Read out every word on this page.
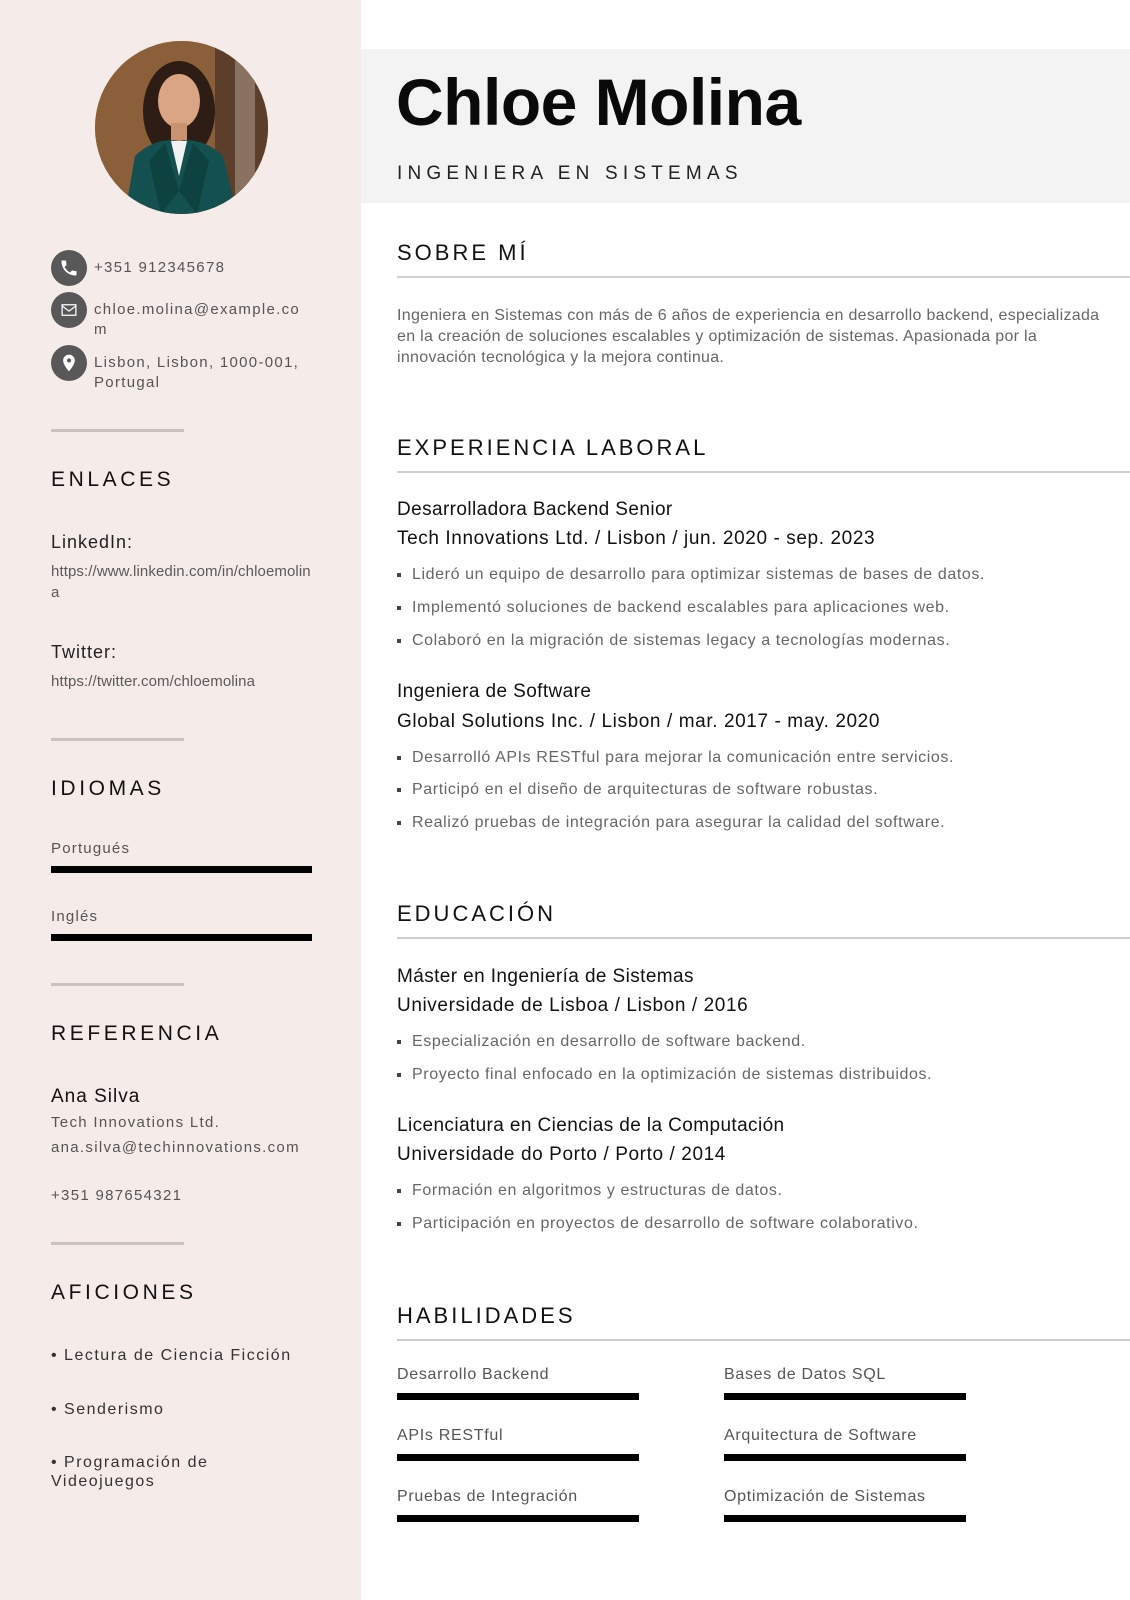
+351 912345678
chloe.molina@example.com
Lisbon, Lisbon, 1000-001, Portugal
ENLACES
LinkedIn:
https://www.linkedin.com/in/chloemolina
Twitter:
https://twitter.com/chloemolina
IDIOMAS
Portugués
Inglés
REFERENCIA
Ana Silva
Tech Innovations Ltd.
ana.silva@techinnovations.com
+351 987654321
AFICIONES
• Lectura de Ciencia Ficción
• Senderismo
• Programación de Videojuegos
Chloe Molina
INGENIERA EN SISTEMAS
SOBRE MÍ

Ingeniera en Sistemas con más de 6 años de experiencia en desarrollo backend, especializada en la creación de soluciones escalables y optimización de sistemas. Apasionada por la innovación tecnológica y la mejora continua.

EXPERIENCIA LABORAL
Desarrolladora Backend Senior
Tech Innovations Ltd. / Lisbon / jun. 2020 - sep. 2023
Lideró un equipo de desarrollo para optimizar sistemas de bases de datos.
Implementó soluciones de backend escalables para aplicaciones web.
Colaboró en la migración de sistemas legacy a tecnologías modernas.
Ingeniera de Software
Global Solutions Inc. / Lisbon / mar. 2017 - may. 2020
Desarrolló APIs RESTful para mejorar la comunicación entre servicios.
Participó en el diseño de arquitecturas de software robustas.
Realizó pruebas de integración para asegurar la calidad del software.
EDUCACIÓN
Máster en Ingeniería de Sistemas
Universidade de Lisboa / Lisbon / 2016
Especialización en desarrollo de software backend.
Proyecto final enfocado en la optimización de sistemas distribuidos.
Licenciatura en Ciencias de la Computación
Universidade do Porto / Porto / 2014
Formación en algoritmos y estructuras de datos.
Participación en proyectos de desarrollo de software colaborativo.
HABILIDADES
Desarrollo Backend	Bases de Datos SQL
APIs RESTful	Arquitectura de Software
Pruebas de Integración	Optimización de Sistemas
